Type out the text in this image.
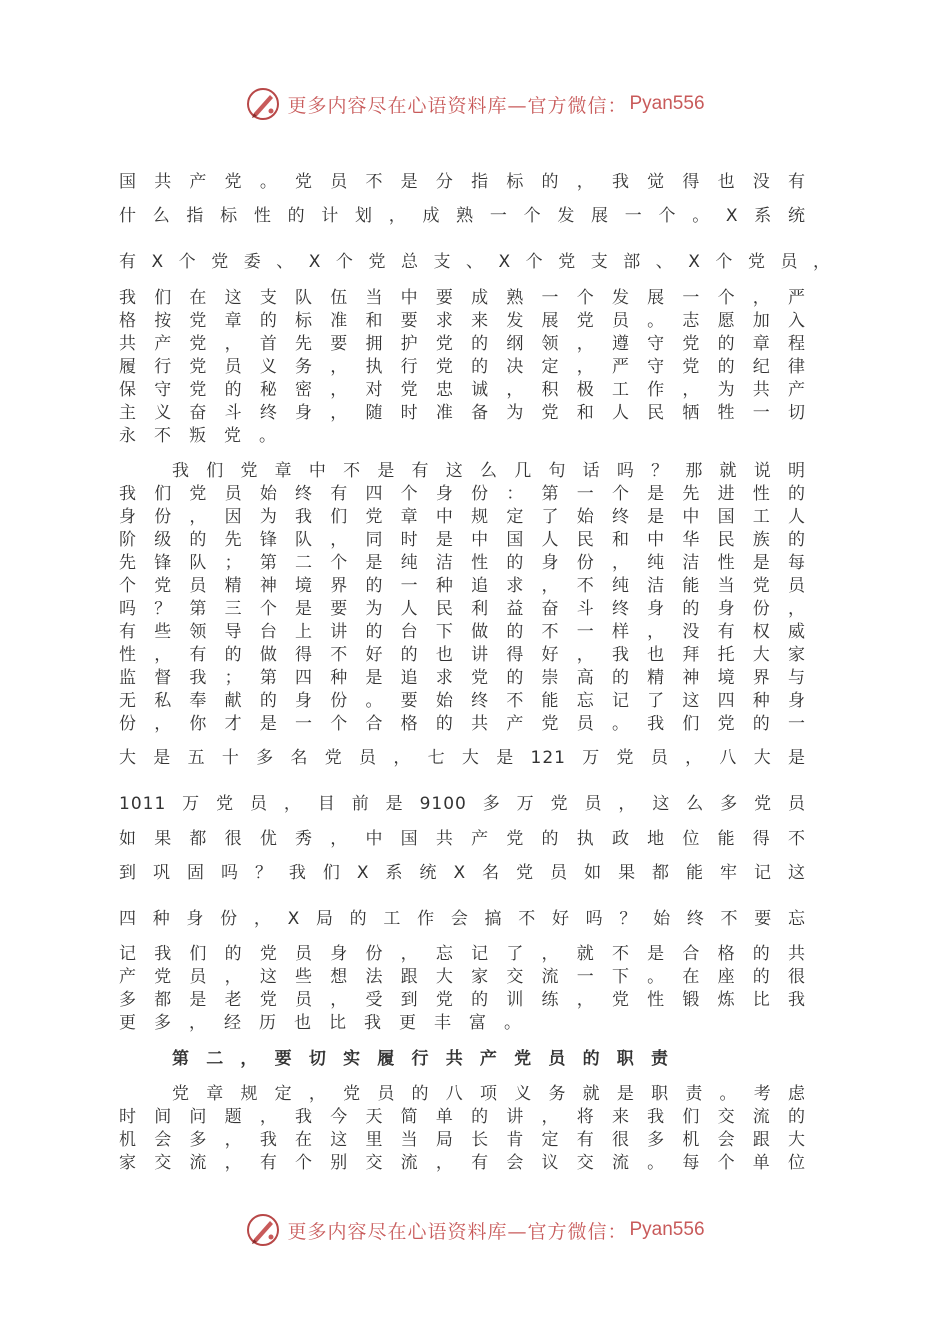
更多内容尽在心语资料库—官方微信： Pyan556
国共产党。党员不是分指标的，我觉得也没有
什么指标性的计划，成熟一个发展一个。X系统
有X个党委、X个党总支、X个党支部、X个党员，
我们在这支队伍当中要成熟一个发展一个，严
格按党章的标准和要求来发展党员。志愿加入
共产党，首先要拥护党的纲领，遵守党的章程
履行党员义务，执行党的决定，严守党的纪律
保守党的秘密，对党忠诚，积极工作，为共产
主义奋斗终身，随时准备为党和人民牺牲一切
永不叛党。
我们党章中不是有这么几句话吗？那就说明
我们党员始终有四个身份：第一个是先进性的
身份，因为我们党章中规定了始终是中国工人
阶级的先锋队，同时是中国人民和中华民族的
先锋队；第二个是纯洁性的身份，纯洁性是每
个党员精神境界的一种追求，不纯洁能当党员
吗？第三个是要为人民利益奋斗终身的身份，
有些领导台上讲的台下做的不一样，没有权威
性，有的做得不好的也讲得好，我也拜托大家
监督我；第四种是追求党的崇高的精神境界与
无私奉献的身份。要始终不能忘记了这四种身
份，你才是一个合格的共产党员。我们党的一
大是五十多名党员，七大是121万党员，八大是
1011万党员，目前是9100多万党员，这么多党员
如果都很优秀，中国共产党的执政地位能得不
到巩固吗？我们X系统X名党员如果都能牢记这
四种身份，X局的工作会搞不好吗？始终不要忘
记我们的党员身份，忘记了，就不是合格的共
产党员，这些想法跟大家交流一下。在座的很
多都是老党员，受到党的训练，党性锻炼比我
更多，经历也比我更丰富。
第二，要切实履行共产党员的职责
党章规定，党员的八项义务就是职责。考虑
时间问题，我今天简单的讲，将来我们交流的
机会多，我在这里当局长肯定有很多机会跟大
家交流，有个别交流，有会议交流。每个单位
更多内容尽在心语资料库—官方微信： Pyan556
